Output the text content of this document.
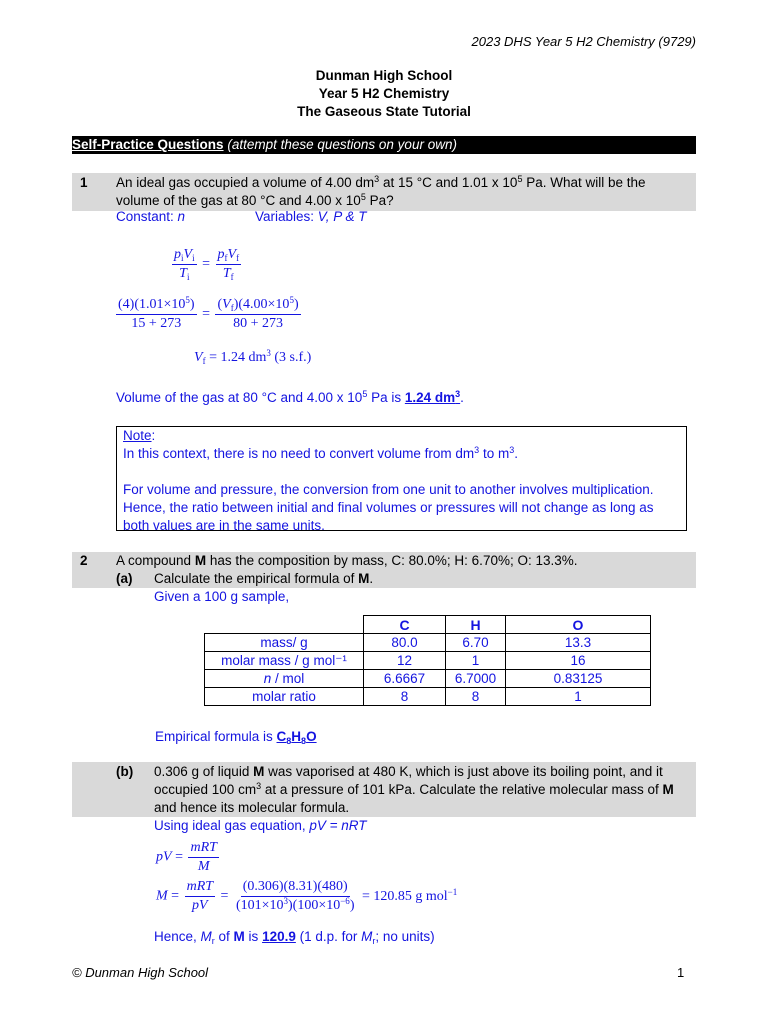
2023 DHS Year 5 H2 Chemistry (9729)
Dunman High School
Year 5 H2 Chemistry
The Gaseous State Tutorial
Self-Practice Questions (attempt these questions on your own)
1 An ideal gas occupied a volume of 4.00 $dm^3$ at 15 °C and 1.01 x $10^5$ Pa. What will be the volume of the gas at 80 °C and 4.00 x $10^5$ Pa?
Constant: n	Variables: V, P & T
$\frac{p_iV_i}{T_i} = \frac{p_fV_f}{T_f}$
$\frac{(4)(1.01\times 10^5)}{15 + 273} = \frac{(V_f)(4.00\times 10^5)}{80 + 273}$
$V_f = 1.24$ $dm^3$ (3 s.f.)
Volume of the gas at 80 °C and 4.00 x $10^5$ Pa is 1.24 $dm^3$.
Note:
In this context, there is no need to convert volume from $dm^3$ to $m^3$.
For volume and pressure, the conversion from one unit to another involves multiplication. Hence, the ratio between initial and final volumes or pressures will not change as long as both values are in the same units.
2 A compound M has the composition by mass, C: 80.0%; H: 6.70%; O: 13.3%.
(a) Calculate the empirical formula of M.
Given a 100 g sample,
	C	H	O
mass/ g	80.0	6.70	13.3
molar mass / g mol⁻¹	12	1	16
n / mol	6.6667	6.7000	0.83125
molar ratio	8	8	1
Empirical formula is $C_8H_8O$
(b) 0.306 g of liquid M was vaporised at 480 K, which is just above its boiling point, and it occupied 100 $cm^3$ at a pressure of 101 kPa. Calculate the relative molecular mass of M and hence its molecular formula.
Using ideal gas equation, pV = nRT
pV = $\frac{\text{mRT}}{M}$
$M = \frac{\text{mRT}}{pV} = \frac{(0.306)(8.31)(480)}{(101\times 10^3)(100\times 10^{-6})} = 120.85$ g mol$^{-1}$
Hence, $M_r$ of M is 120.9 (1 d.p. for $M_r$; no units)
© Dunman High School	1
